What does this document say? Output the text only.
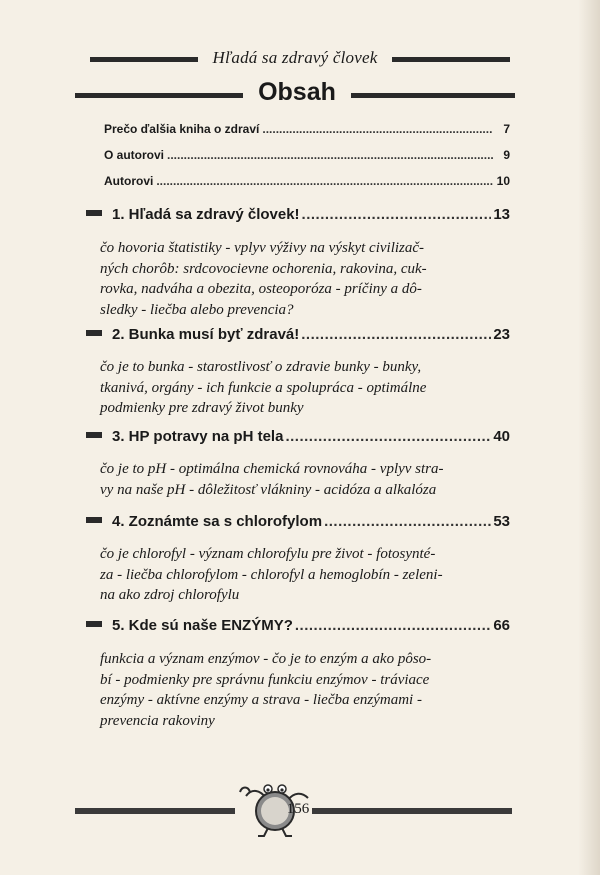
Hľadá sa zdravý človek
Obsah
Prečo ďalšia kniha o zdraví .....	7
O autorovi .....	9
Autorovi .....	10
1. Hľadá sa zdravý človek! .....	13
čo hovoria štatistiky - vplyv výživy na výskyt civilizač-
ných chorôb: srdcovocievne ochorenia, rakovina, cuk-
rovka, nadváha a obezita, osteoporóza - príčiny a dô-
sledky - liečba alebo prevencia?
2. Bunka musí byť zdravá! .....	23
čo je to bunka - starostlivosť o zdravie bunky - bunky,
tkanivá, orgány - ich funkcie a spolupráca - optimálne
podmienky pre zdravý život bunky
3. HP potravy na pH tela .....	40
čo je to pH - optimálna chemická rovnováha - vplyv stra-
vy na naše pH - dôležitosť vlákniny - acidóza a alkalóza
4. Zoznámte sa s chlorofylom .....	53
čo je chlorofyl - význam chlorofylu pre život - fotosynté-
za - liečba chlorofylom - chlorofyl a hemoglobín - zeleni-
na ako zdroj chlorofylu
5. Kde sú naše ENZÝMY? .....	66
funkcia a význam enzýmov - čo je to enzým a ako pôso-
bí - podmienky pre správnu funkciu enzýmov - tráviace
enzýmy - aktívne enzýmy a strava - liečba enzýmami -
prevencia rakoviny
156
